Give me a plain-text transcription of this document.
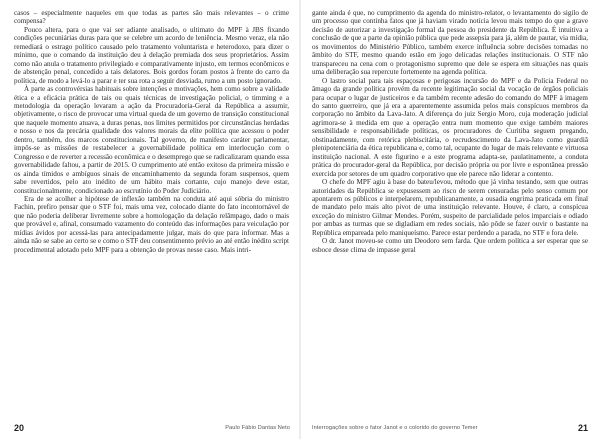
casos – especialmente naqueles em que todas as partes são mais relevantes – o crime compensa?

Pouco altera, para o que vai ser adiante analisado, o ultimato do MPF à JBS fixando condições pecuniárias duras para que se celebre um acordo de leniência. Mesmo veraz, ela não remediará o estrago político causado pelo tratamento voluntarista e heterodoxo, para dizer o mínimo, que o comando da instituição deu à delação premiada dos seus proprietários. Assim como não anula o tratamento privilegiado e comparativamente injusto, em termos econômicos e de abstenção penal, concedido a tais delatores. Bois gordos foram postos à frente do carro da política, de modo a levá-lo a parar e ter sua rota a seguir desviada, rumo a um posto ignorado.

À parte as controvérsias habituais sobre intenções e motivações, hem como sobre a validade ética e a eficácia prática de tais ou quais técnicas de investigação policial, o timming e a metodologia da operação levaram a ação da Procuradoria-Geral da República a assumir, objetivamente, o risco de provocar uma virtual queda de um governo de transição constitucional que naquele momento atuava, a duras penas, nos limites permitidos por circunstâncias herdadas e nosso e nos da precária qualidade dos valores morais da elite política que acessou o poder dentro, também, dos marcos constitucionais. Tal governo, de manifesto caráter parlamentar, impôs-se as missões de restabelecer a governabilidade política em interlocução com o Congresso e de reverter a recessão econômica e o desemprego que se radicalizaram quando essa governabilidade faltou, a partir de 2015. O cumprimento até então exitoso da primeira missão e os ainda tímidos e ambíguos sinais de encaminhamento da segunda foram suspensos, quem sabe revertidos, pelo ato inédito de um hábito mais cortante, cujo manejo deve estar, constitucionalmente, condicionado ao escrutínio do Poder Judiciário.

Era de se acolher a hipótese de inflexão também na conduta até aqui sóbria do ministro Fachin, prefiro pensar que o STF foi, mais uma vez, colocado diante do fato incontornável de que não poderia deliberar livremente sobre a homologação da delação relâmpago, dado o mais que provável e, afinal, consumado vazamento do conteúdo das informações para veiculação por mídias ávidos por acessá-las para antecipadamente julgar, mais do que para informar. Mas a ainda não se sabe ao certo se e como o STF deu consentimento prévio ao até então inédito script procedimental adotado pelo MPF para a obtenção de provas nesse caso. Mais intri-

20	Paulo Fábio Dantas Neto

gante ainda é que, no cumprimento da agenda do ministro-relator, o levantamento do sigilo de um processo que continha fatos que já haviam virado notícia levou mais tempo do que a grave decisão de autorizar a investigação formal da pessoa do presidente da República. É intuitiva a conclusão de que a parte da opinião pública que pede assepsia para já, além de pautar, via mídia, os movimentos do Ministério Público, também exerce influência sobre decisões tomadas no âmbito do STF, mesmo quando estão em jogo delicadas relações institucionais. O STF não transpareceu na cena com o protagonismo supremo que dele se espera em situações nas quais uma deliberação sua repercute fortemente na agenda política.

O lastro social para tais espaçosas e perigosas incursão do MPF e da Polícia Federal no âmago da grande política provém da recente legitimação social da vocação de órgãos policiais para ocupar o lugar de justiceiros e da também recente adesão do comando do MPF à imagem do santo guerreiro, que já era a aparentemente assumida pelos mais conspícuos membros da corporação no âmbito da Lava-Jato. A diferença do juiz Sergio Moro, cuja moderação judicial agrimora-se à medida em que a operação entra num momento que exige também maiores sensibilidade e responsabilidade políticas, os procuradores de Curitiba seguem pregando, obstinadamente, com retórica plebiscitária, o recrudescimento da Lava-Jato como guardiã plenipotenciária da ética republicana e, como tal, ocupante do lugar de mais relevante e virtuosa instituição nacional. A este figurino e a este programa adapta-se, paulatinamente, a conduta prática do procurador-geral da República, por decisão própria ou por livre e espontânea pressão exercida por setores de um quadro corporativo que ele parece não liderar a contento.

O chefe do MPF agiu à base do bateu/levou, método que já vinha testando, sem que outras autoridades da República se expusessem ao risco de serem censuradas pelo senso comum por apontarem os públicos e interpelarem, republicanamente, a ousadia engrima praticada em final de mandato pelo mais alto pivot de uma instituição relevante. Houve, é claro, a conspícua exceção do ministro Gilmar Mendes. Porém, suspeito de parcialidade pelos imparciais e odiado por ambas as turmas que se digladiam em redes sociais, não pôde se fazer ouvir o bastante na República empareada pelo maniqueísmo. Parece estar perdendo a parada, no STF e fora dele.

O dr. Janot moveu-se como um Deodoro sem farda. Que ordem política a ser esperar que se esboce desse clima de impasse geral

Interrogações sobre o fator Janot e o colorido do governo Temer	21
